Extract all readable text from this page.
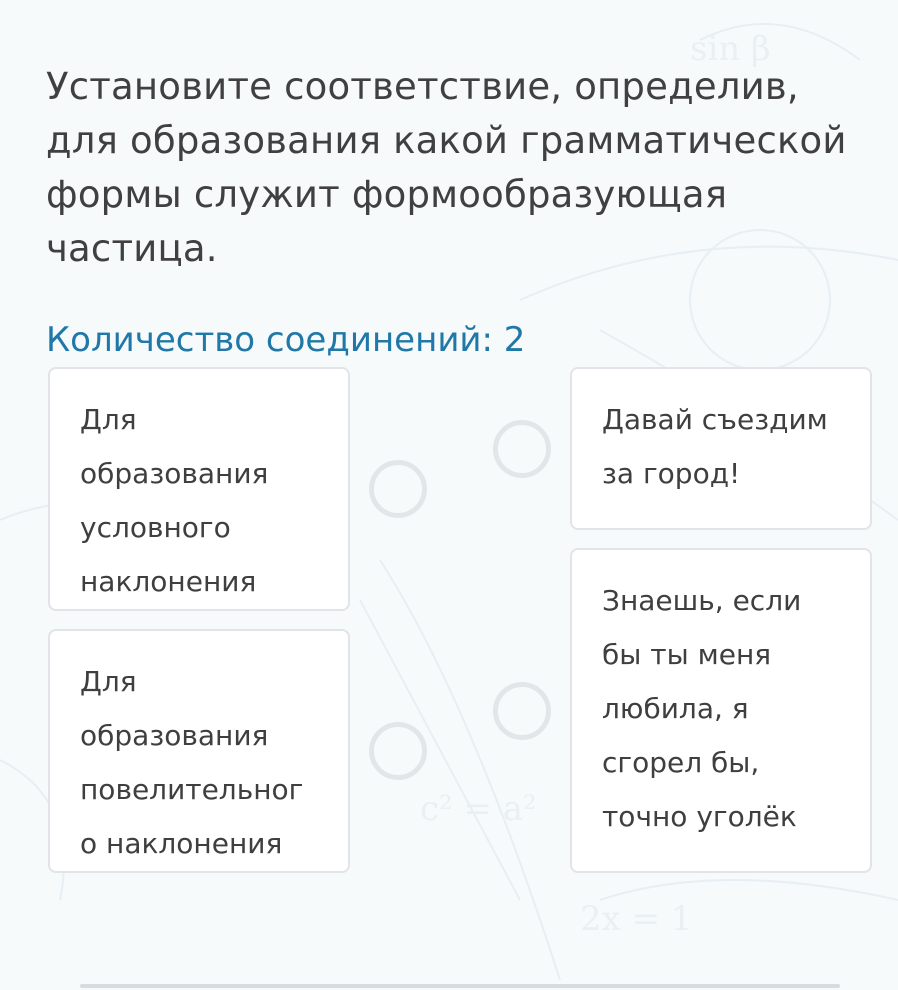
sin β
c² = a²
2x = 1
Установите соответствие, определив, для образования какой грамматической формы служит формообразующая частица.
Количество соединений: 2
Для
образования
условного
наклонения
Для
образования
повелительног
о наклонения
Давай съездим
за город!
Знаешь, если
бы ты меня
любила, я
сгорел бы,
точно уголёк
